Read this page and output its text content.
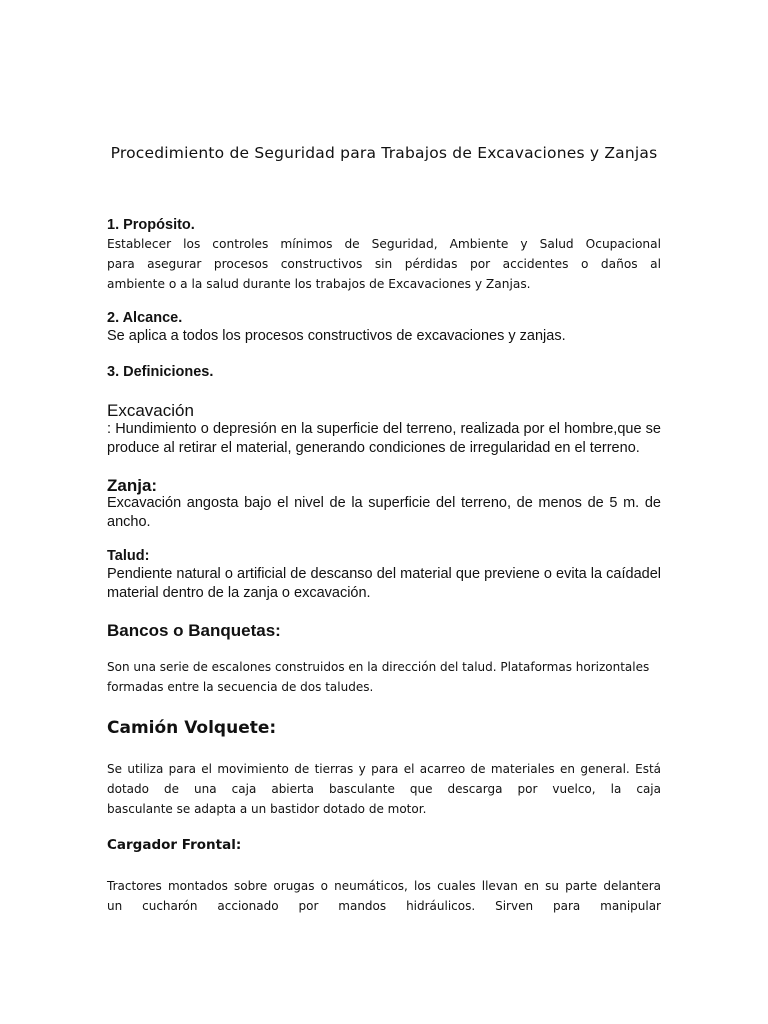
Procedimiento de Seguridad para Trabajos de Excavaciones y Zanjas
1. Propósito.

Establecer los controles mínimos de Seguridad, Ambiente y Salud Ocupacional

para asegurar procesos constructivos sin pérdidas por accidentes o daños al

ambiente o a la salud durante los trabajos de Excavaciones y Zanjas.

2. Alcance.
Se aplica a todos los procesos constructivos de excavaciones y zanjas.
3. Definiciones.
Excavación
: Hundimiento o depresión en la superficie del terreno, realizada por el hombre,que se produce al retirar el material, generando condiciones de irregularidad en el terreno.
Zanja:
Excavación angosta bajo el nivel de la superficie del terreno, de menos de 5 m. de ancho.
Talud:
Pendiente natural o artificial de descanso del material que previene o evita la caídadel material dentro de la zanja o excavación.
Bancos o Banquetas:

Son una serie de escalones construidos en la dirección del talud. Plataformas horizontales

formadas entre la secuencia de dos taludes.

Camión Volquete:

Se utiliza para el movimiento de tierras y para el acarreo de materiales en general. Está

dotado de una caja abierta basculante que descarga por vuelco, la caja

basculante se adapta a un bastidor dotado de motor.

Cargador Frontal:

Tractores montados sobre orugas o neumáticos, los cuales llevan en su parte delantera

un cucharón accionado por mandos hidráulicos. Sirven para manipular
